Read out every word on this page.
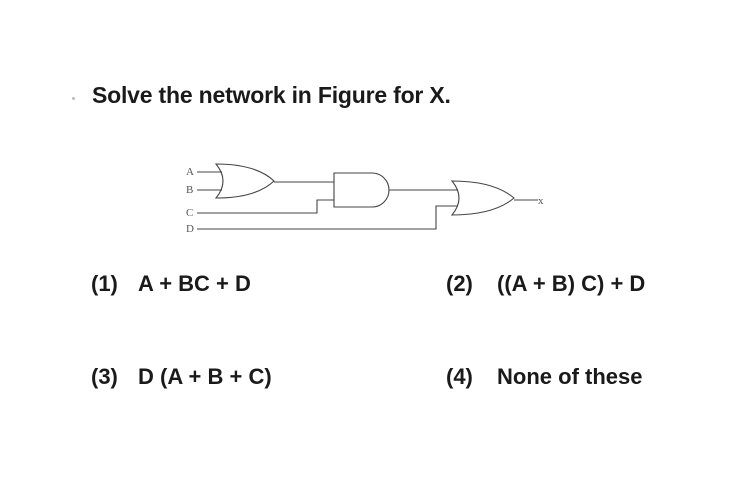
Solve the network in Figure for X.
A
B
C
D
x
(1) A + BC + D	(2) ((A + B) C) + D
(3) D (A + B + C)	(4) None of these
